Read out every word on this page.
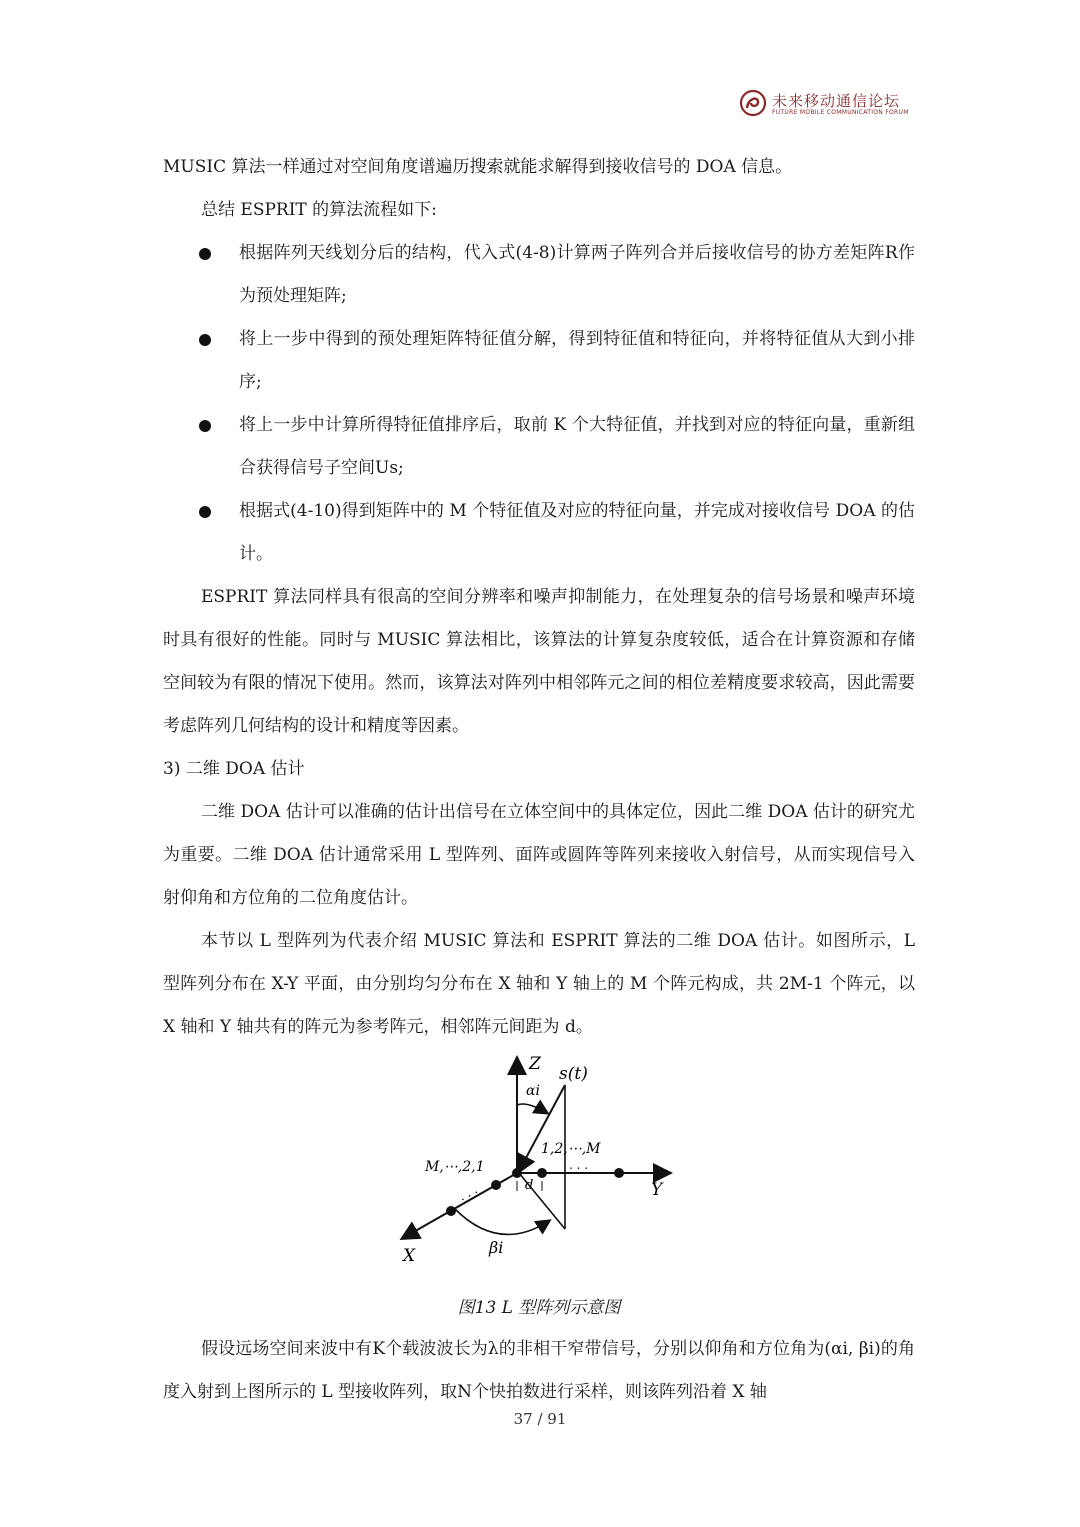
未来移动通信论坛
FUTURE MOBILE COMMUNICATION FORUM

MUSIC 算法一样通过对空间角度谱遍历搜索就能求解得到接收信号的 DOA 信息。

总结 ESPRIT 的算法流程如下:

根据阵列天线划分后的结构，代入式(4-8)计算两子阵列合并后接收信号的协方差矩阵R作为预处理矩阵;
将上一步中得到的预处理矩阵特征值分解，得到特征值和特征向，并将特征值从大到小排序;
将上一步中计算所得特征值排序后，取前 K 个大特征值，并找到对应的特征向量，重新组合获得信号子空间Us;
根据式(4-10)得到矩阵中的 M 个特征值及对应的特征向量，并完成对接收信号 DOA 的估计。

ESPRIT 算法同样具有很高的空间分辨率和噪声抑制能力，在处理复杂的信号场景和噪声环境时具有很好的性能。同时与 MUSIC 算法相比，该算法的计算复杂度较低，适合在计算资源和存储空间较为有限的情况下使用。然而，该算法对阵列中相邻阵元之间的相位差精度要求较高，因此需要考虑阵列几何结构的设计和精度等因素。

3) 二维 DOA 估计

二维 DOA 估计可以准确的估计出信号在立体空间中的具体定位，因此二维 DOA 估计的研究尤为重要。二维 DOA 估计通常采用 L 型阵列、面阵或圆阵等阵列来接收入射信号，从而实现信号入射仰角和方位角的二位角度估计。

本节以 L 型阵列为代表介绍 MUSIC 算法和 ESPRIT 算法的二维 DOA 估计。如图所示，L 型阵列分布在 X-Y 平面，由分别均匀分布在 X 轴和 Y 轴上的 M 个阵元构成，共 2M-1 个阵元，以 X 轴和 Y 轴共有的阵元为参考阵元，相邻阵元间距为 d。

. . .
. . .
Z
Y
X
s(t)
αi
βi
d
1,2,⋯,M
M,⋯,2,1

图13 L 型阵列示意图

假设远场空间来波中有K个载波波长为λ的非相干窄带信号，分别以仰角和方位角为(αi, βi)的角度入射到上图所示的 L 型接收阵列，取N个快拍数进行采样，则该阵列沿着 X 轴

37 / 91
